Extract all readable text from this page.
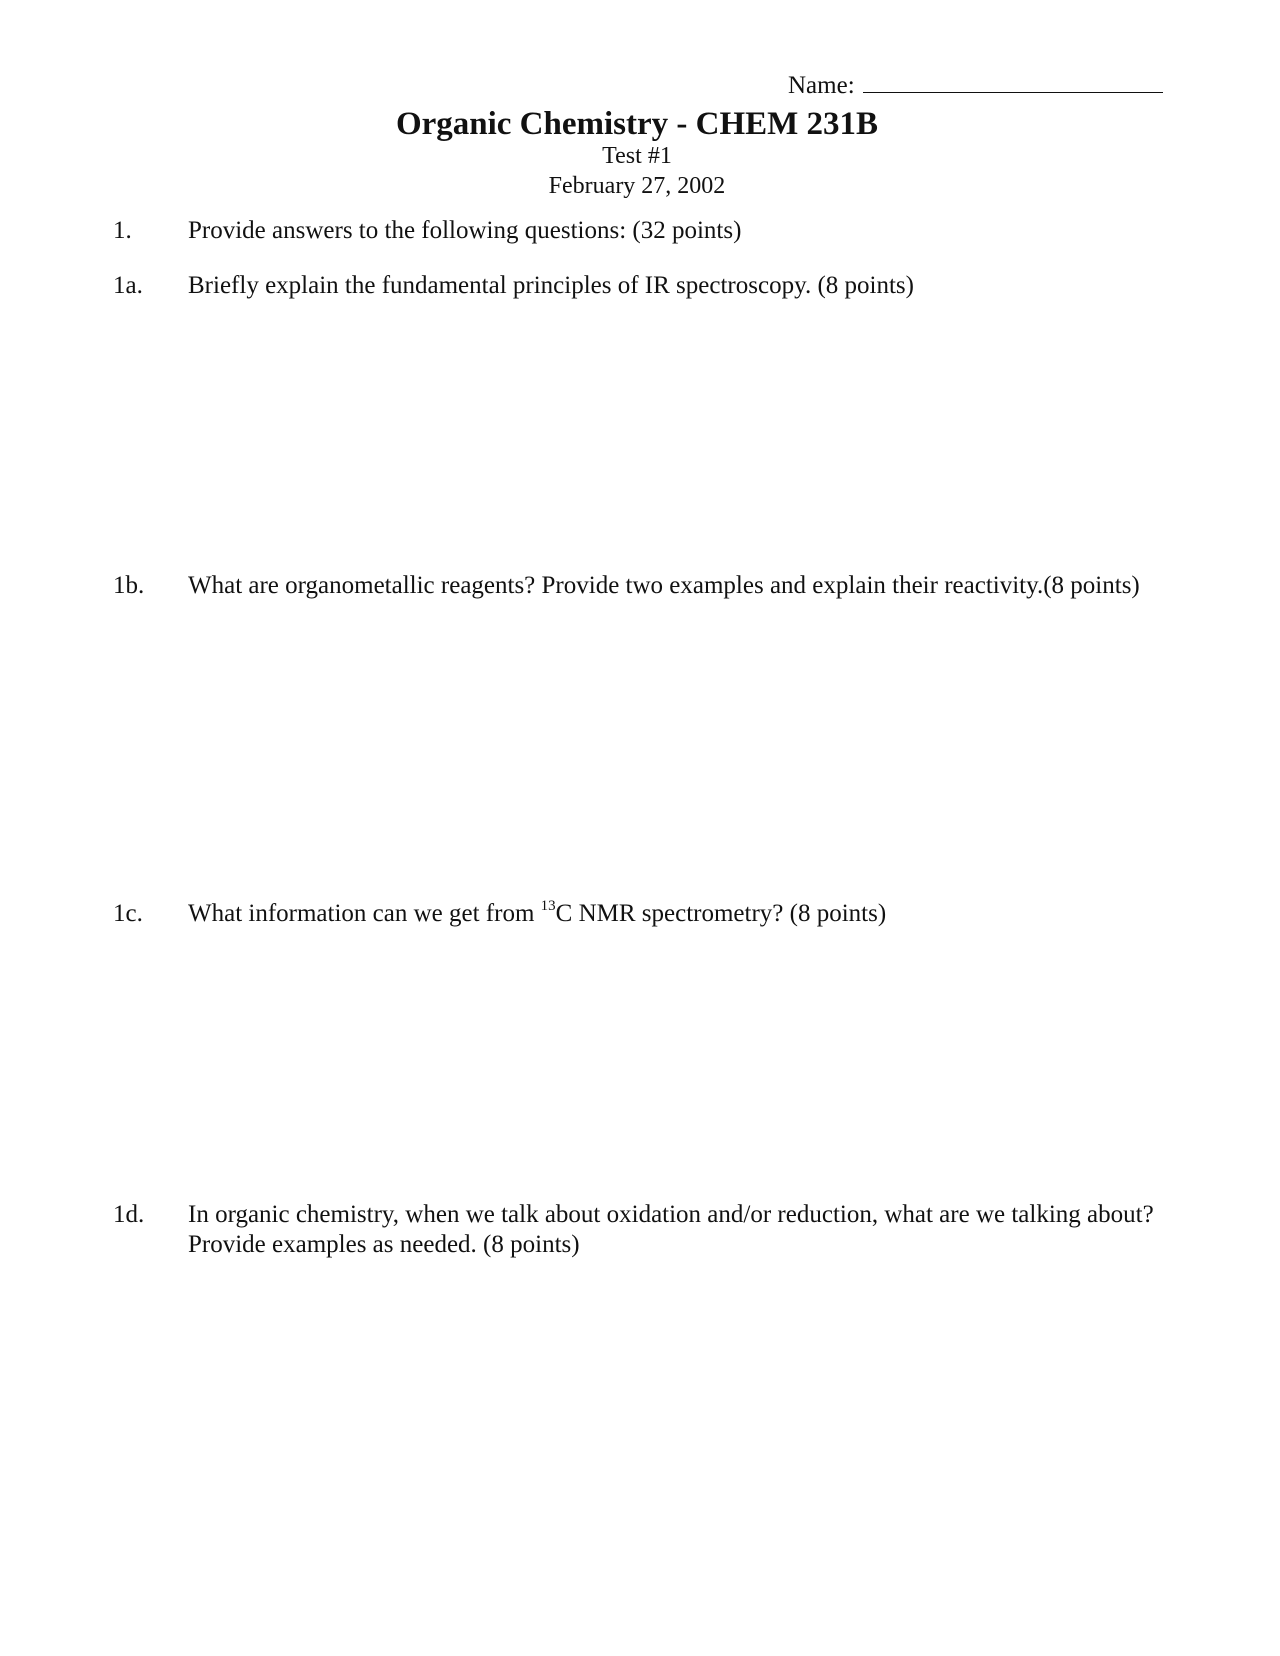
Name:
Organic Chemistry - CHEM 231B
Test #1
February 27, 2002
1.	Provide answers to the following questions: (32 points)
1a.	Briefly explain the fundamental principles of IR spectroscopy. (8 points)
1b.	What are organometallic reagents? Provide two examples and explain their reactivity.(8 points)
1c.	What information can we get from $^{13}$C NMR spectrometry? (8 points)
1d.	In organic chemistry, when we talk about oxidation and/or reduction, what are we talking about?
Provide examples as needed. (8 points)
